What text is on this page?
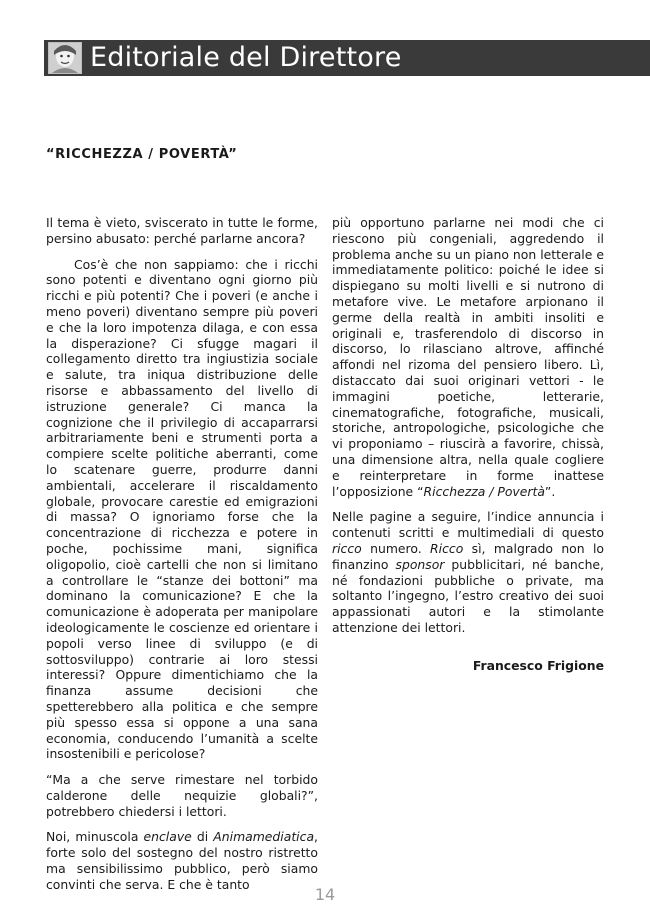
Editoriale del Direttore
“RICCHEZZA / POVERTÀ”

Il tema è vieto, sviscerato in tutte le forme, persino abusato: perché parlarne ancora?

Cos’è che non sappiamo: che i ricchi sono potenti e diventano ogni giorno più ricchi e più potenti? Che i poveri (e anche i meno poveri) diventano sempre più poveri e che la loro impotenza dilaga, e con essa la disperazione? Ci sfugge magari il collegamento diretto tra ingiustizia sociale e salute, tra iniqua distribuzione delle risorse e abbassamento del livello di istruzione generale? Ci manca la cognizione che il privilegio di accaparrarsi arbitrariamente beni e strumenti porta a compiere scelte politiche aberranti, come lo scatenare guerre, produrre danni ambientali, accelerare il riscaldamento globale, provocare carestie ed emigrazioni di massa? O ignoriamo forse che la concentrazione di ricchezza e potere in poche, pochissime mani, significa oligopolio, cioè cartelli che non si limitano a controllare le “stanze dei bottoni” ma dominano la comunicazione? E che la comunicazione è adoperata per manipolare ideologicamente le coscienze ed orientare i popoli verso linee di sviluppo (e di sottosviluppo) contrarie ai loro stessi interessi? Oppure dimentichiamo che la finanza assume decisioni che spetterebbero alla politica e che sempre più spesso essa si oppone a una sana economia, conducendo l’umanità a scelte insostenibili e pericolose?

“Ma a che serve rimestare nel torbido calderone delle nequizie globali?”, potrebbero chiedersi i lettori.

Noi, minuscola enclave di Animamediatica, forte solo del sostegno del nostro ristretto ma sensibilissimo pubblico, però siamo convinti che serva. E che è tanto

più opportuno parlarne nei modi che ci riescono più congeniali, aggredendo il problema anche su un piano non letterale e immediatamente politico: poiché le idee si dispiegano su molti livelli e si nutrono di metafore vive. Le metafore arpionano il germe della realtà in ambiti insoliti e originali e, trasferendolo di discorso in discorso, lo rilasciano altrove, affinché affondi nel rizoma del pensiero libero. Lì, distaccato dai suoi originari vettori - le immagini poetiche, letterarie, cinematografiche, fotografiche, musicali, storiche, antropologiche, psicologiche che vi proponiamo – riuscirà a favorire, chissà, una dimensione altra, nella quale cogliere e reinterpretare in forme inattese l’opposizione “Ricchezza / Povertà”.

Nelle pagine a seguire, l’indice annuncia i contenuti scritti e multimediali di questo ricco numero. Ricco sì, malgrado non lo finanzino sponsor pubblicitari, né banche, né fondazioni pubbliche o private, ma soltanto l’ingegno, l’estro creativo dei suoi appassionati autori e la stimolante attenzione dei lettori.

Francesco Frigione
14
